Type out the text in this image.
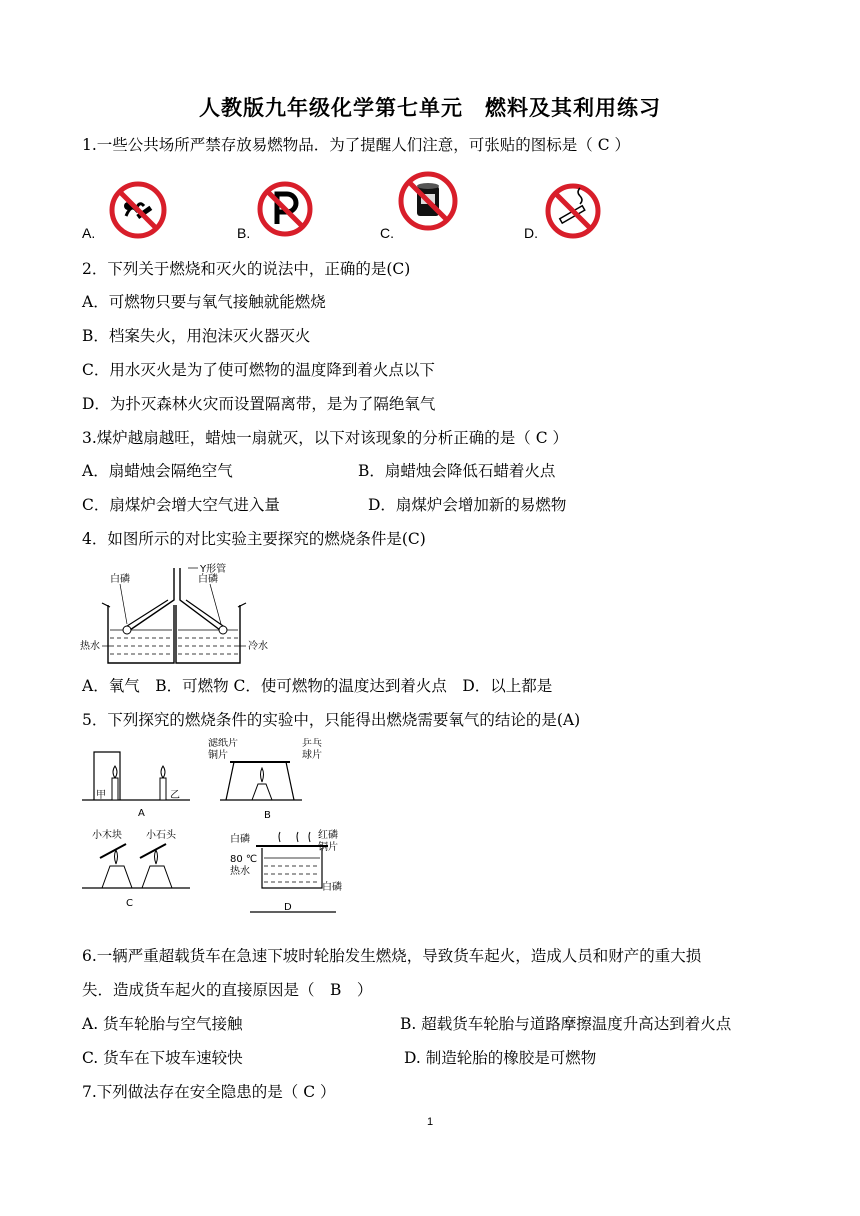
人教版九年级化学第七单元　燃料及其利用练习
1.一些公共场所严禁存放易燃物品．为了提醒人们注意，可张贴的图标是（ C ）
A.	B.	C.	D.
2．下列关于燃烧和灭火的说法中，正确的是(C)
A．可燃物只要与氧气接触就能燃烧
B．档案失火，用泡沫灭火器灭火
C．用水灭火是为了使可燃物的温度降到着火点以下
D．为扑灭森林火灾而设置隔离带，是为了隔绝氧气
3.煤炉越扇越旺，蜡烛一扇就灭，以下对该现象的分析正确的是（ C ）
A．扇蜡烛会隔绝空气	B．扇蜡烛会降低石蜡着火点
C．扇煤炉会增大空气进入量	D．扇煤炉会增加新的易燃物
4．如图所示的对比实验主要探究的燃烧条件是(C)
Y形管
白磷	白磷
热水	冷水
A．氧气　B．可燃物 C．使可燃物的温度达到着火点　D．以上都是
5．下列探究的燃烧条件的实验中，只能得出燃烧需要氧气的结论的是(A)
甲	乙
A
滤纸片
铜片
乒乓
球片
B
小木块 小石头
C
白磷	红磷
铜片
80 ℃
热水
白磷
D
6.一辆严重超载货车在急速下坡时轮胎发生燃烧，导致货车起火，造成人员和财产的重大损
失．造成货车起火的直接原因是（　B　）
A. 货车轮胎与空气接触	B. 超载货车轮胎与道路摩擦温度升高达到着火点
C. 货车在下坡车速较快	D. 制造轮胎的橡胶是可燃物
7.下列做法存在安全隐患的是（ C ）
1
